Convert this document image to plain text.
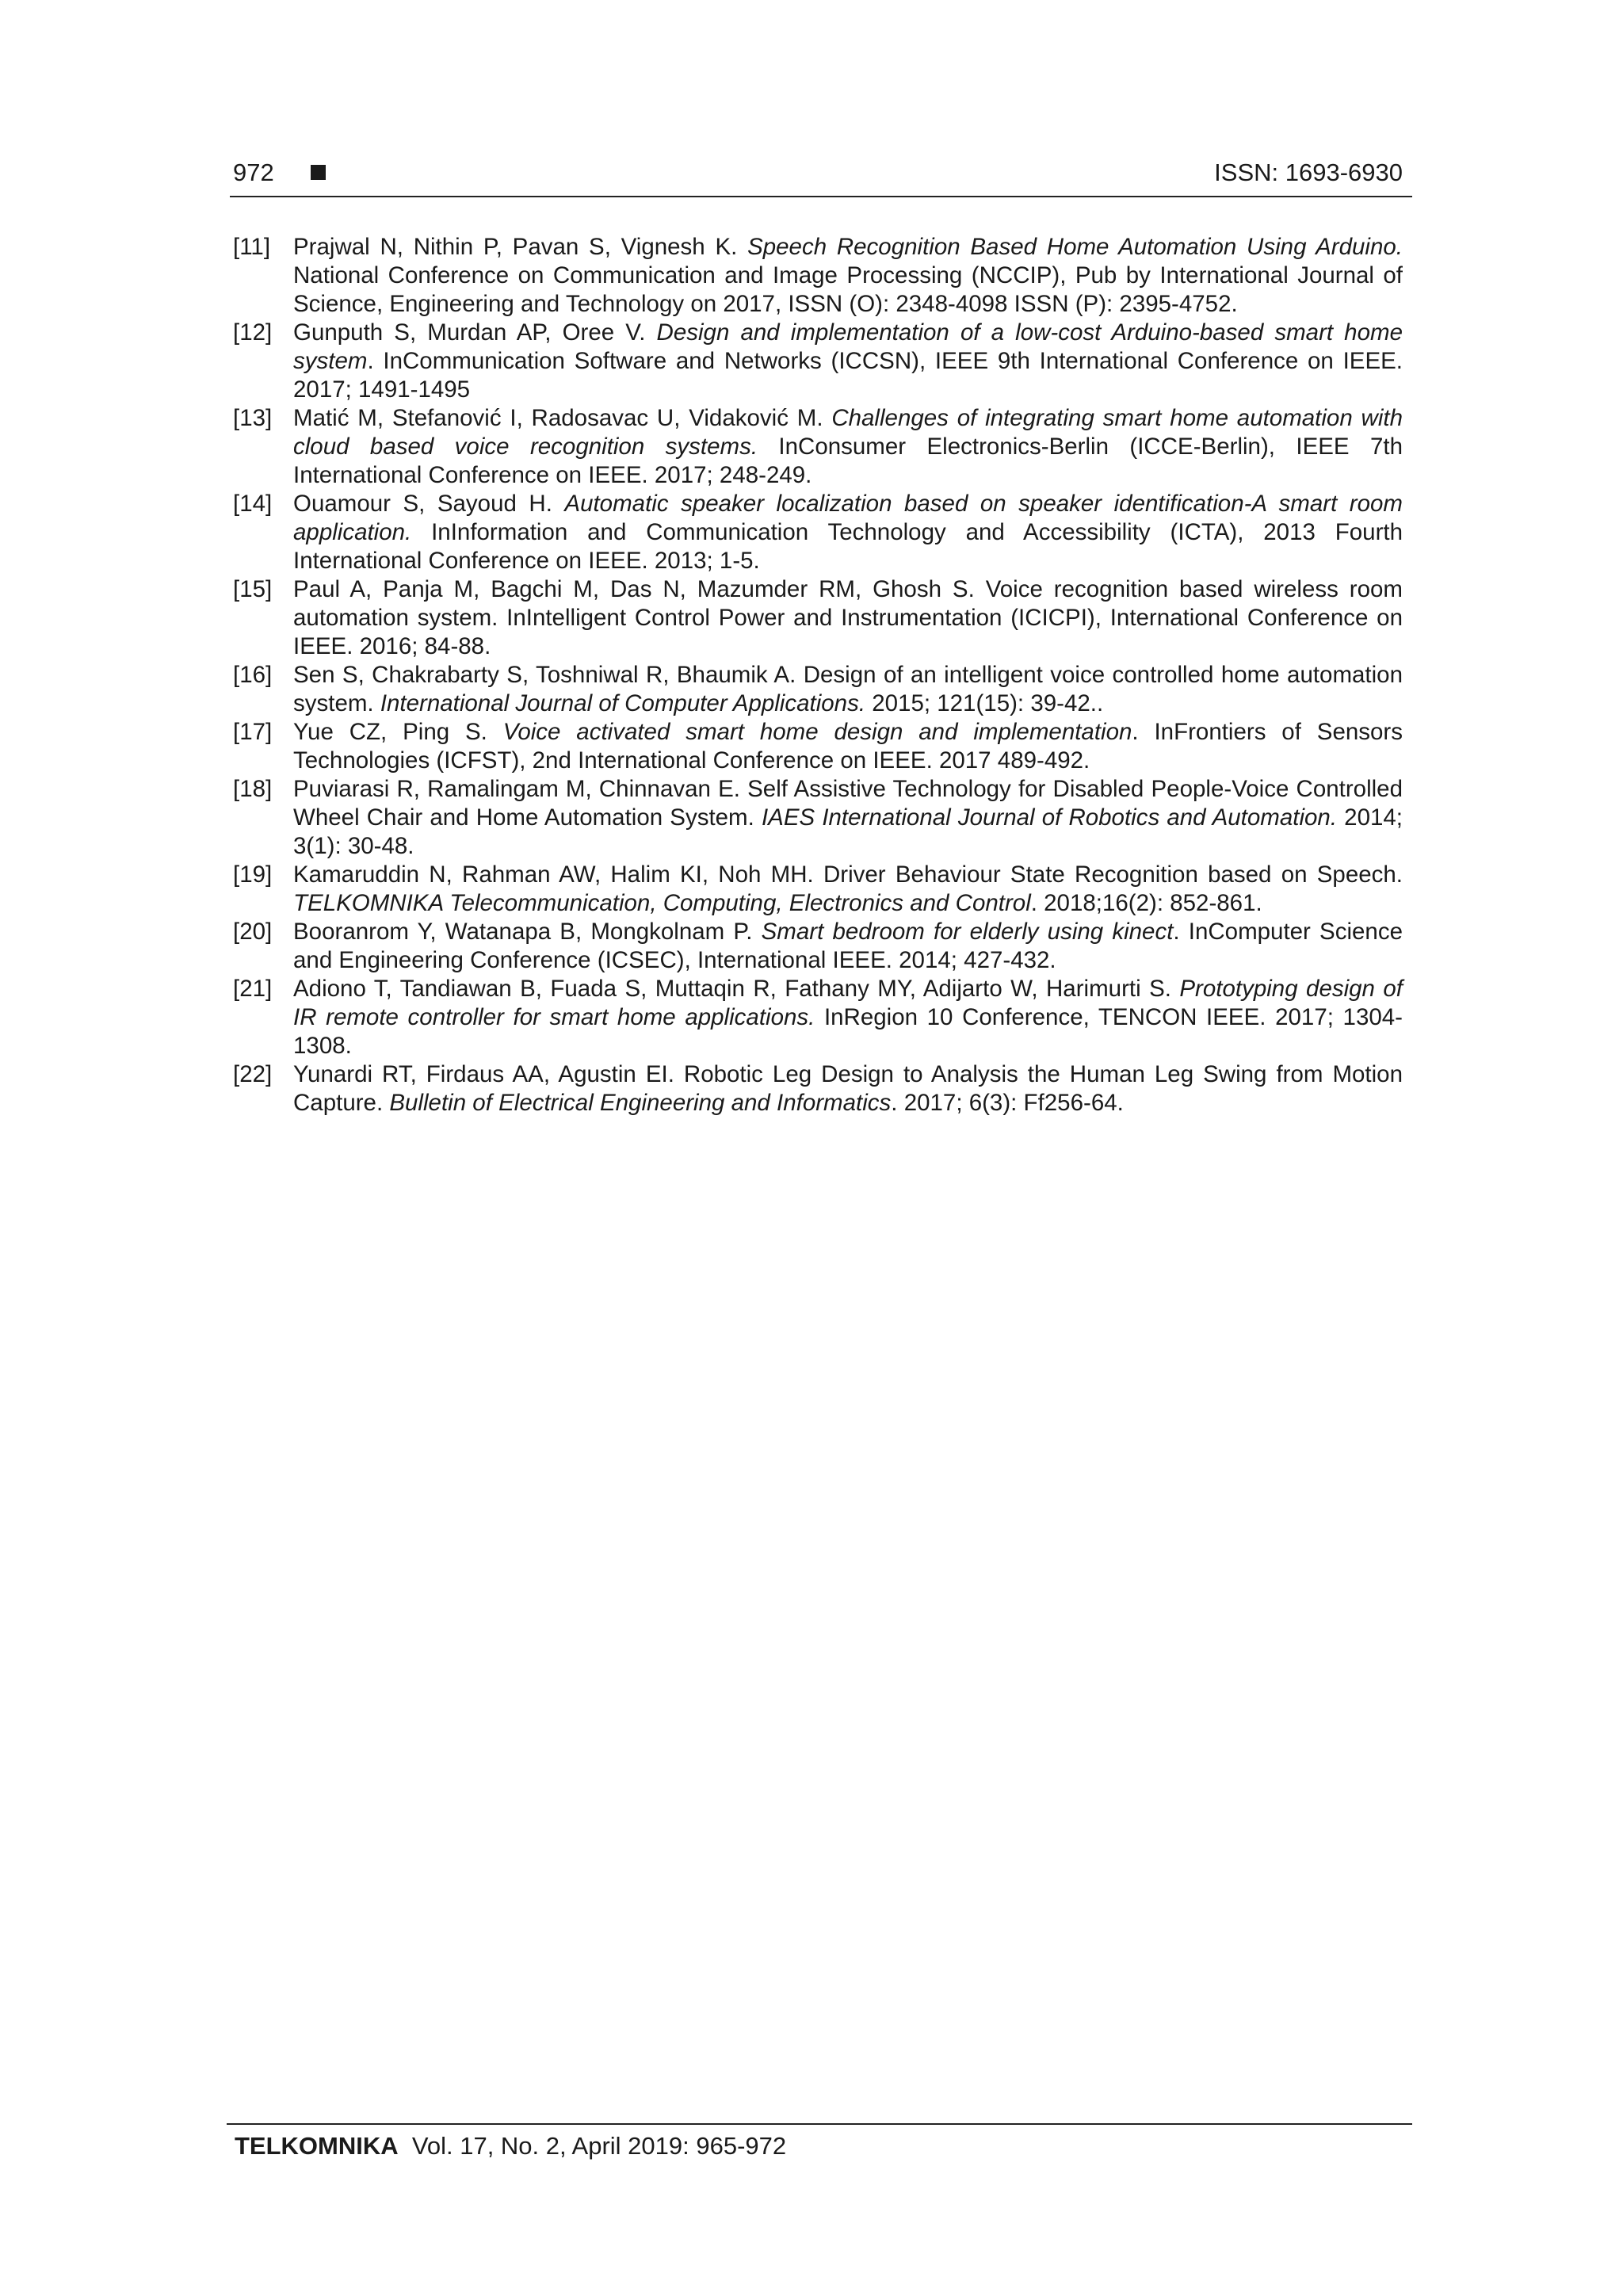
972	ISSN: 1693-6930
[11] Prajwal N, Nithin P, Pavan S, Vignesh K. Speech Recognition Based Home Automation Using Arduino. National Conference on Communication and Image Processing (NCCIP), Pub by International Journal of Science, Engineering and Technology on 2017, ISSN (O): 2348-4098 ISSN (P): 2395-4752.
[12] Gunputh S, Murdan AP, Oree V. Design and implementation of a low-cost Arduino-based smart home system. InCommunication Software and Networks (ICCSN), IEEE 9th International Conference on IEEE. 2017; 1491-1495
[13] Matić M, Stefanović I, Radosavac U, Vidaković M. Challenges of integrating smart home automation with cloud based voice recognition systems. InConsumer Electronics-Berlin (ICCE-Berlin), IEEE 7th International Conference on IEEE. 2017; 248-249.
[14] Ouamour S, Sayoud H. Automatic speaker localization based on speaker identification-A smart room application. InInformation and Communication Technology and Accessibility (ICTA), 2013 Fourth International Conference on IEEE. 2013; 1-5.
[15] Paul A, Panja M, Bagchi M, Das N, Mazumder RM, Ghosh S. Voice recognition based wireless room automation system. InIntelligent Control Power and Instrumentation (ICICPI), International Conference on IEEE. 2016; 84-88.
[16] Sen S, Chakrabarty S, Toshniwal R, Bhaumik A. Design of an intelligent voice controlled home automation system. International Journal of Computer Applications. 2015; 121(15): 39-42..
[17] Yue CZ, Ping S. Voice activated smart home design and implementation. InFrontiers of Sensors Technologies (ICFST), 2nd International Conference on IEEE. 2017 489-492.
[18] Puviarasi R, Ramalingam M, Chinnavan E. Self Assistive Technology for Disabled People-Voice Controlled Wheel Chair and Home Automation System. IAES International Journal of Robotics and Automation. 2014; 3(1): 30-48.
[19] Kamaruddin N, Rahman AW, Halim KI, Noh MH. Driver Behaviour State Recognition based on Speech. TELKOMNIKA Telecommunication, Computing, Electronics and Control. 2018;16(2): 852-861.
[20] Booranrom Y, Watanapa B, Mongkolnam P. Smart bedroom for elderly using kinect. InComputer Science and Engineering Conference (ICSEC), International IEEE. 2014; 427-432.
[21] Adiono T, Tandiawan B, Fuada S, Muttaqin R, Fathany MY, Adijarto W, Harimurti S. Prototyping design of IR remote controller for smart home applications. InRegion 10 Conference, TENCON IEEE. 2017; 1304-1308.
[22] Yunardi RT, Firdaus AA, Agustin EI. Robotic Leg Design to Analysis the Human Leg Swing from Motion Capture. Bulletin of Electrical Engineering and Informatics. 2017; 6(3): Ff256-64.
TELKOMNIKA Vol. 17, No. 2, April 2019: 965-972
